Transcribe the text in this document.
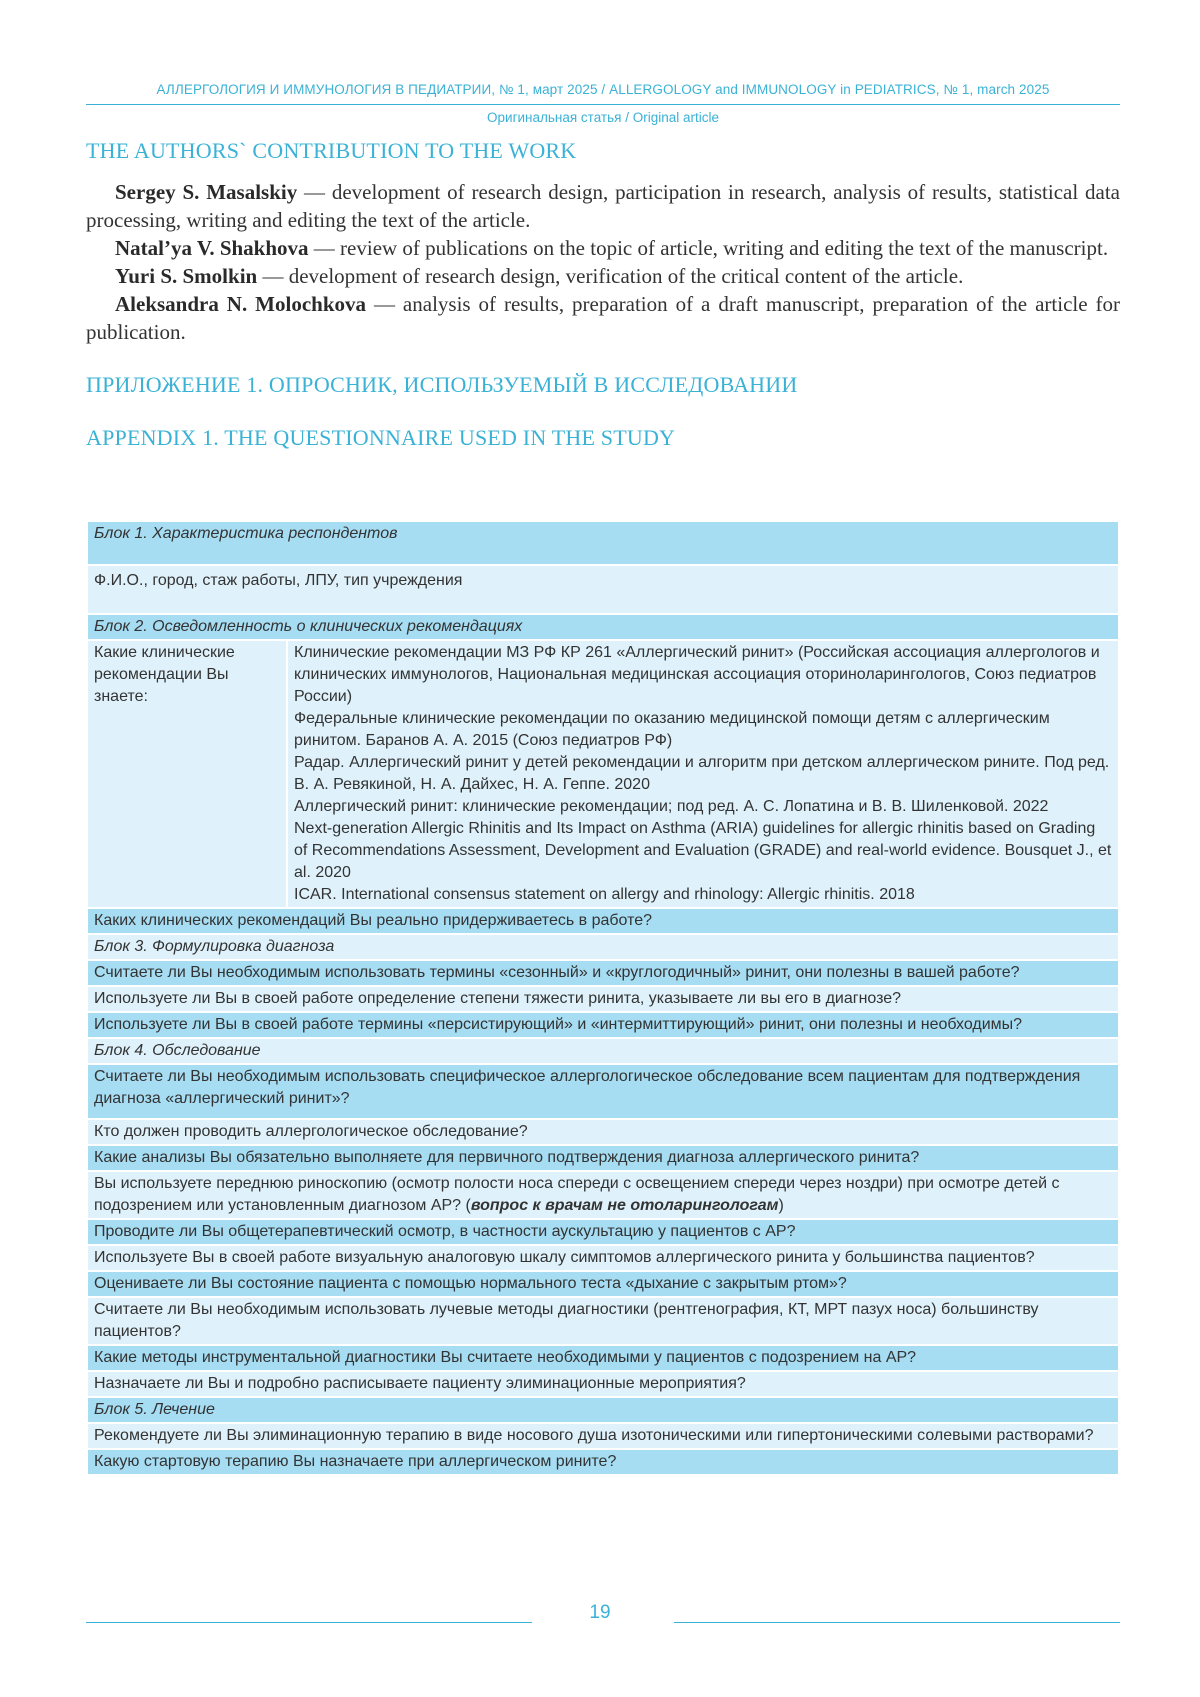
АЛЛЕРГОЛОГИЯ И ИММУНОЛОГИЯ В ПЕДИАТРИИ, № 1, март 2025 / ALLERGOLOGY and IMMUNOLOGY in PEDIATRICS, № 1, march 2025
Оригинальная статья / Original article
THE AUTHORS` CONTRIBUTION TO THE WORK

Sergey S. Masalskiy — development of research design, participation in research, analysis of results, statistical data processing, writing and editing the text of the article.

Natal’ya V. Shakhova — review of publications on the topic of article, writing and editing the text of the manuscript.

Yuri S. Smolkin — development of research design, verification of the critical content of the article.

Aleksandra N. Molochkova — analysis of results, preparation of a draft manuscript, preparation of the article for publication.

ПРИЛОЖЕНИЕ 1. ОПРОСНИК, ИСПОЛЬЗУЕМЫЙ В ИССЛЕДОВАНИИ
APPENDIX 1. THE QUESTIONNAIRE USED IN THE STUDY
Блок 1. Характеристика респондентов
Ф.И.О., город, стаж работы, ЛПУ, тип учреждения
Блок 2. Осведомленность о клинических рекомендациях
Какие клинические рекомендации Вы знаете:	
Клинические рекомендации МЗ РФ КР 261 «Аллергический ринит» (Российская ассоциация аллергологов и клинических иммунологов, Национальная медицинская ассоциация оториноларингологов, Союз педиатров России)
Федеральные клинические рекомендации по оказанию медицинской помощи детям с аллергическим ринитом. Баранов А. А. 2015 (Союз педиатров РФ)
Радар. Аллергический ринит у детей рекомендации и алгоритм при детском аллергическом рините. Под ред. В. А. Ревякиной, Н. А. Дайхес, Н. А. Геппе. 2020
Аллергический ринит: клинические рекомендации; под ред. А. С. Лопатина и В. В. Шиленковой. 2022
Next-generation Allergic Rhinitis and Its Impact on Asthma (ARIA) guidelines for allergic rhinitis based on Grading of Recommendations Assessment, Development and Evaluation (GRADE) and real-world evidence. Bousquet J., et al. 2020
ICAR. International consensus statement on allergy and rhinology: Allergic rhinitis. 2018

Каких клинических рекомендаций Вы реально придерживаетесь в работе?
Блок 3. Формулировка диагноза
Считаете ли Вы необходимым использовать термины «сезонный» и «круглогодичный» ринит, они полезны в вашей работе?
Используете ли Вы в своей работе определение степени тяжести ринита, указываете ли вы его в диагнозе?
Используете ли Вы в своей работе термины «персистирующий» и «интермиттирующий» ринит, они полезны и необходимы?
Блок 4. Обследование
Считаете ли Вы необходимым использовать специфическое аллергологическое обследование всем пациентам для подтверждения диагноза «аллергический ринит»?
Кто должен проводить аллергологическое обследование?
Какие анализы Вы обязательно выполняете для первичного подтверждения диагноза аллергического ринита?
Вы используете переднюю риноскопию (осмотр полости носа спереди с освещением спереди через ноздри) при осмотре детей с подозрением или установленным диагнозом АР? (вопрос к врачам не отоларингологам)
Проводите ли Вы общетерапевтический осмотр, в частности аускультацию у пациентов с АР?
Используете Вы в своей работе визуальную аналоговую шкалу симптомов аллергического ринита у большинства пациентов?
Оцениваете ли Вы состояние пациента с помощью нормального теста «дыхание с закрытым ртом»?
Считаете ли Вы необходимым использовать лучевые методы диагностики (рентгенография, КТ, МРТ пазух носа) большинству пациентов?
Какие методы инструментальной диагностики Вы считаете необходимыми у пациентов с подозрением на АР?
Назначаете ли Вы и подробно расписываете пациенту элиминационные мероприятия?
Блок 5. Лечение
Рекомендуете ли Вы элиминационную терапию в виде носового душа изотоническими или гипертоническими солевыми растворами?
Какую стартовую терапию Вы назначаете при аллергическом рините?
19
